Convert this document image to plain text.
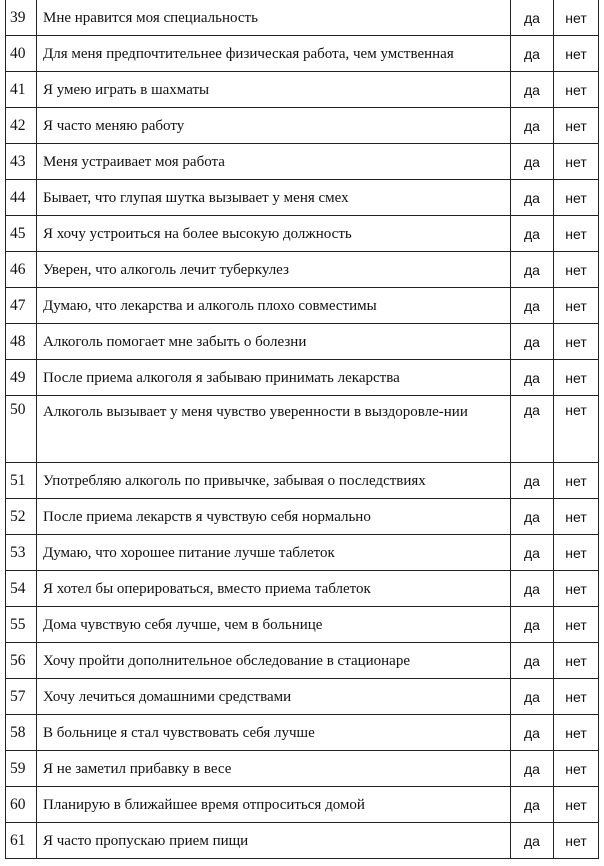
39	Мне нравится моя специальность	да	нет
40	Для меня предпочтительнее физическая работа, чем умственная	да	нет
41	Я умею играть в шахматы	да	нет
42	Я часто меняю работу	да	нет
43	Меня устраивает моя работа	да	нет
44	Бывает, что глупая шутка вызывает у меня смех	да	нет
45	Я хочу устроиться на более высокую должность	да	нет
46	Уверен, что алкоголь лечит туберкулез	да	нет
47	Думаю, что лекарства и алкоголь плохо совместимы	да	нет
48	Алкоголь помогает мне забыть о болезни	да	нет
49	После приема алкоголя я забываю принимать лекарства	да	нет
50	Алкоголь вызывает у меня чувство уверенности в выздоровле-нии	да	нет
51	Употребляю алкоголь по привычке, забывая о последствиях	да	нет
52	После приема лекарств я чувствую себя нормально	да	нет
53	Думаю, что хорошее питание лучше таблеток	да	нет
54	Я хотел бы оперироваться, вместо приема таблеток	да	нет
55	Дома чувствую себя лучше, чем в больнице	да	нет
56	Хочу пройти дополнительное обследование в стационаре	да	нет
57	Хочу лечиться домашними средствами	да	нет
58	В больнице я стал чувствовать себя лучше	да	нет
59	Я не заметил прибавку в весе	да	нет
60	Планирую в ближайшее время отпроситься домой	да	нет
61	Я часто пропускаю прием пищи	да	нет
